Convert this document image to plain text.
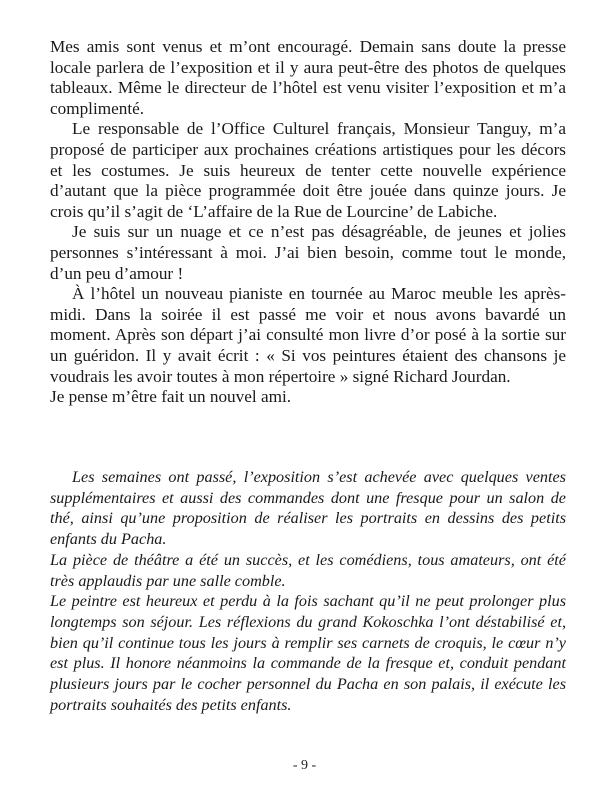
Mes amis sont venus et m’ont encouragé. Demain sans doute la presse locale parlera de l’exposition et il y aura peut-être des photos de quelques tableaux. Même le directeur de l’hôtel est venu visiter l’exposition et m’a complimenté.

Le responsable de l’Office Culturel français, Monsieur Tanguy, m’a proposé de participer aux prochaines créations artistiques pour les décors et les costumes. Je suis heureux de tenter cette nouvelle expérience d’autant que la pièce programmée doit être jouée dans quinze jours. Je crois qu’il s’agit de ‘L’affaire de la Rue de Lourcine’ de Labiche.

Je suis sur un nuage et ce n’est pas désagréable, de jeunes et jolies personnes s’intéressant à moi. J’ai bien besoin, comme tout le monde, d’un peu d’amour !

À l’hôtel un nouveau pianiste en tournée au Maroc meuble les après-midi. Dans la soirée il est passé me voir et nous avons bavardé un moment. Après son départ j’ai consulté mon livre d’or posé à la sortie sur un guéridon. Il y avait écrit : « Si vos peintures étaient des chansons je voudrais les avoir toutes à mon répertoire » signé Richard Jourdan.

Je pense m’être fait un nouvel ami.

Les semaines ont passé, l’exposition s’est achevée avec quelques ventes supplémentaires et aussi des commandes dont une fresque pour un salon de thé, ainsi qu’une proposition de réaliser les portraits en dessins des petits enfants du Pacha.

La pièce de théâtre a été un succès, et les comédiens, tous amateurs, ont été très applaudis par une salle comble.

Le peintre est heureux et perdu à la fois sachant qu’il ne peut prolonger plus longtemps son séjour. Les réflexions du grand Kokoschka l’ont déstabilisé et, bien qu’il continue tous les jours à remplir ses carnets de croquis, le cœur n’y est plus. Il honore néanmoins la commande de la fresque et, conduit pendant plusieurs jours par le cocher personnel du Pacha en son palais, il exécute les portraits souhaités des petits enfants.

- 9 -
